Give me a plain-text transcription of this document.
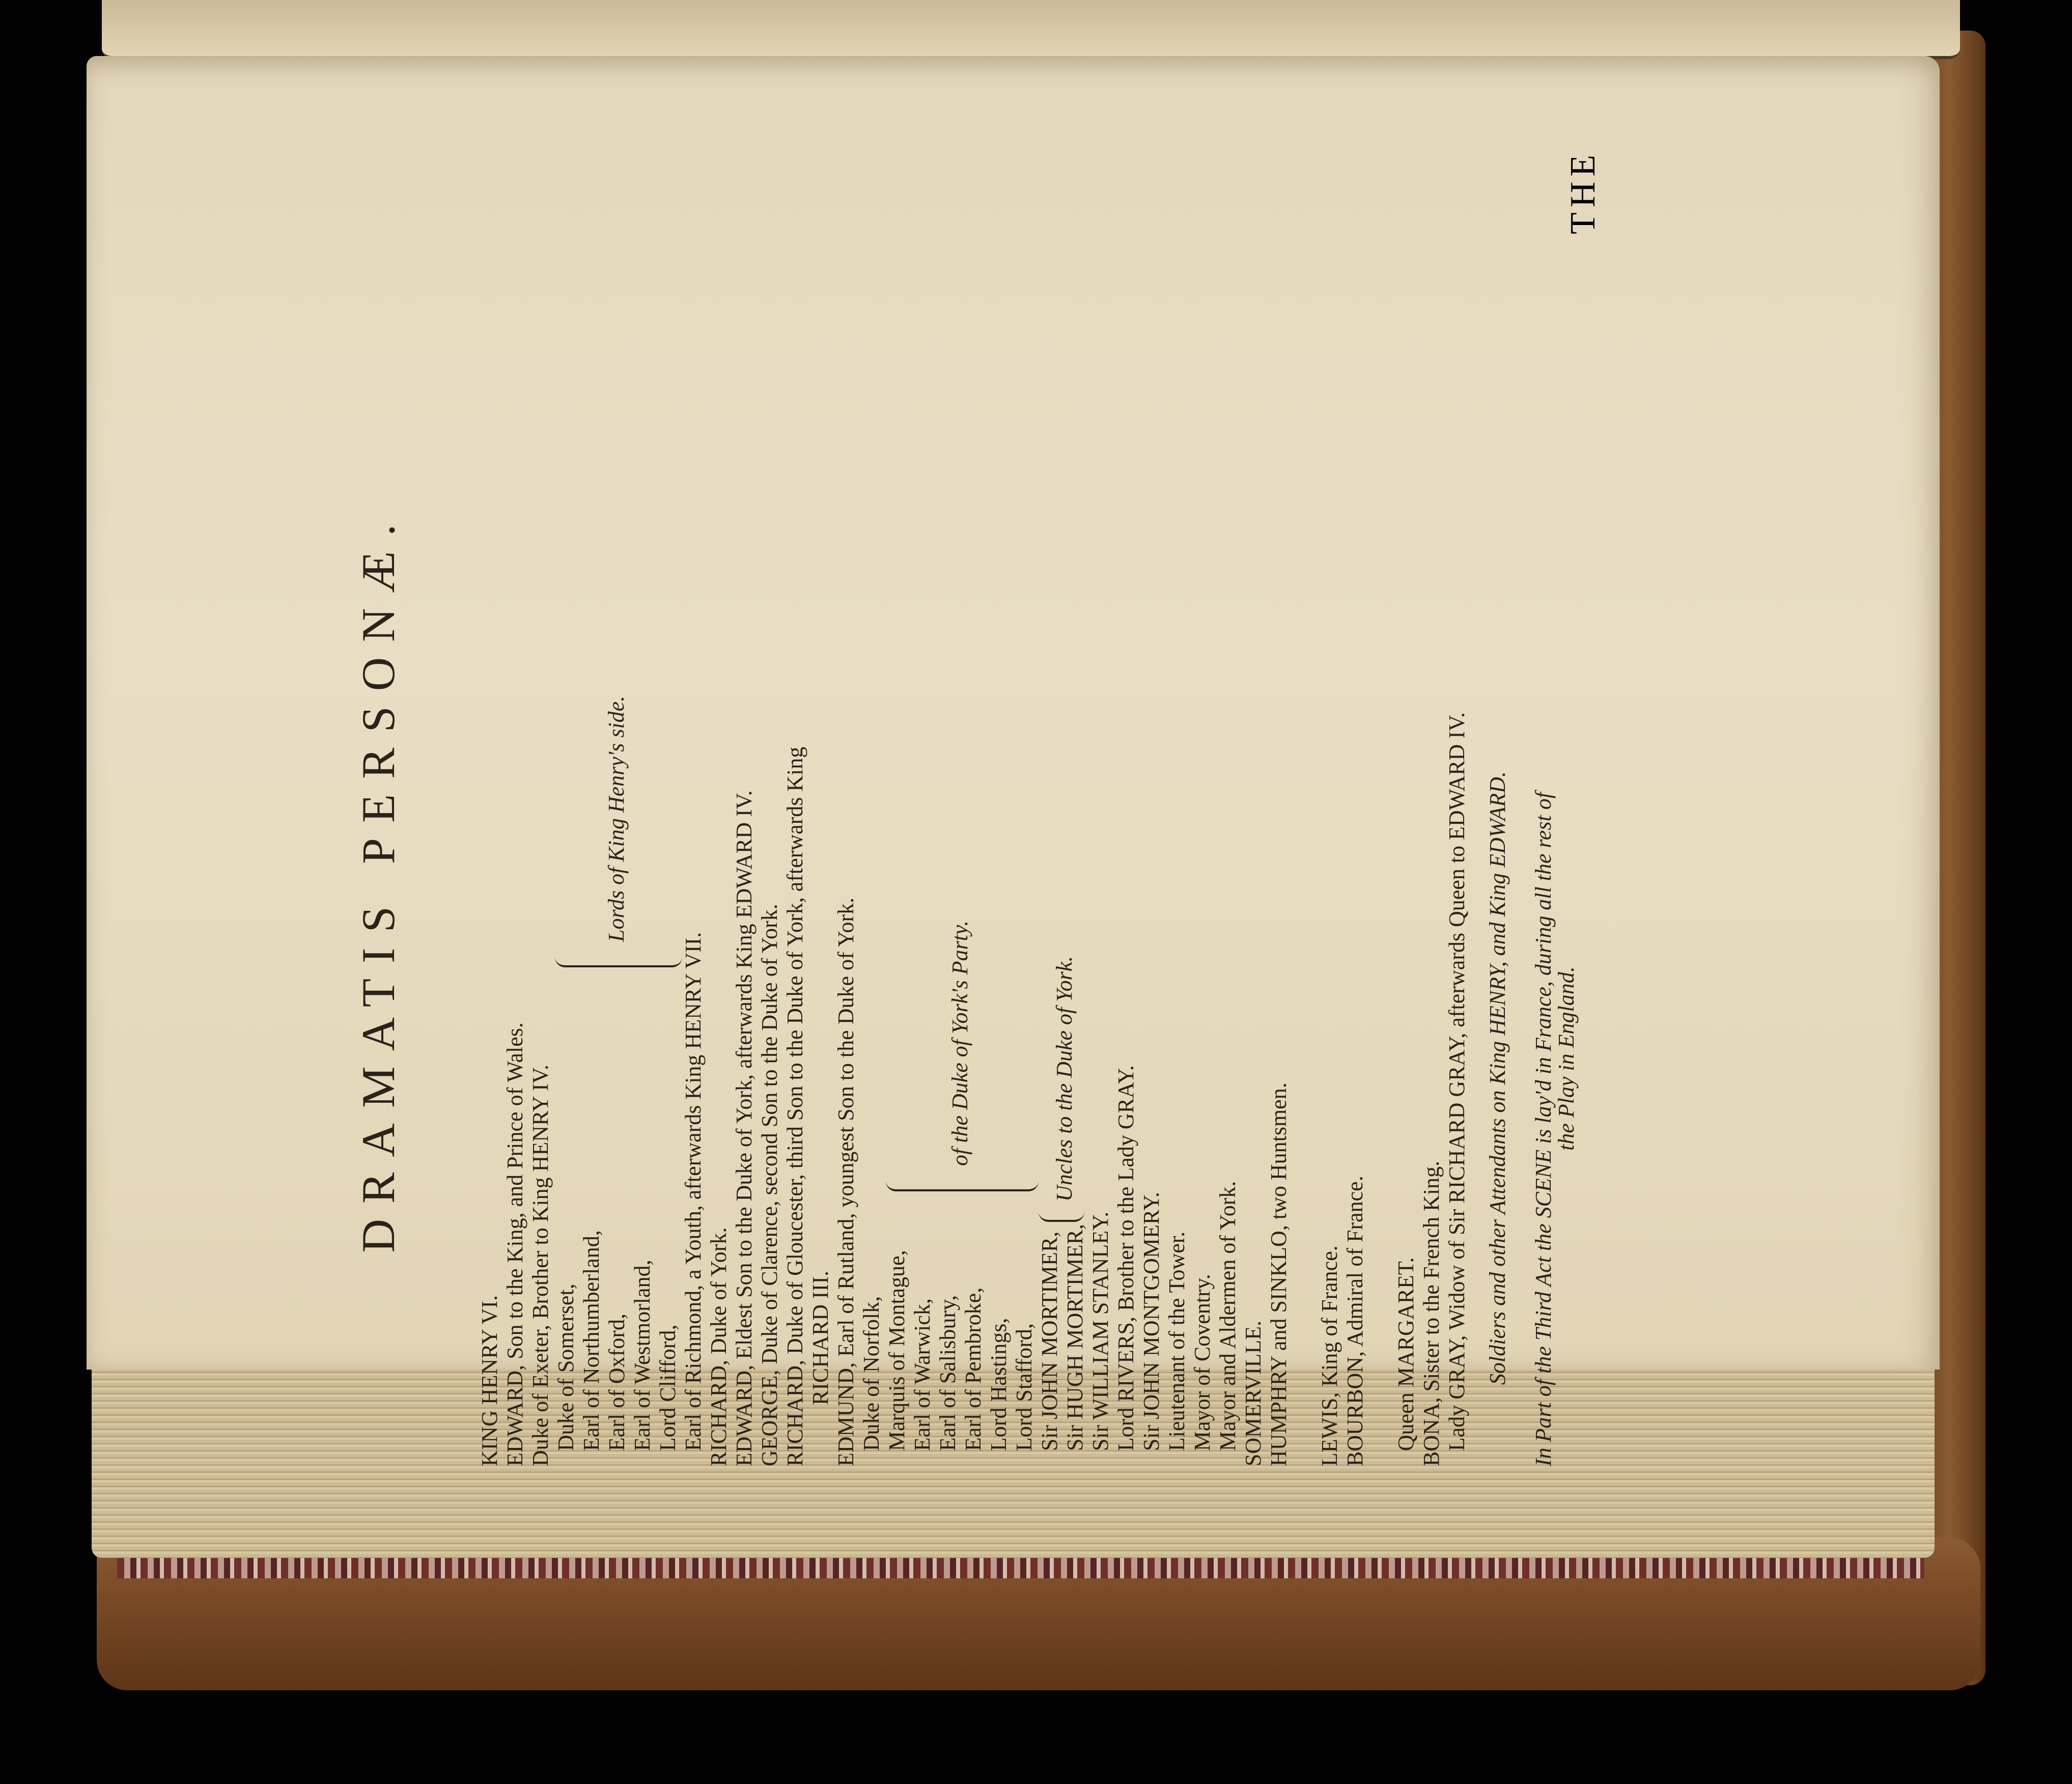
DRAMATIS PERSONÆ.
KING HENRY VI. EDWARD, Son to the King, and Prince of Wales. Duke of Exeter, Brother to King HENRY IV. Duke of Somerset, Earl of Northumberland, Earl of Oxford, Earl of Westmorland, Lord Clifford,
Lords of King Henry's side.
Earl of Richmond, a Youth, afterwards King HENRY VII. RICHARD, Duke of York. EDWARD, Eldest Son to the Duke of York, afterwards King EDWARD IV. GEORGE, Duke of Clarence, second Son to the Duke of York. RICHARD, Duke of Gloucester, third Son to the Duke of York, afterwards King RICHARD III. EDMUND, Earl of Rutland, youngest Son to the Duke of York. Duke of Norfolk, Marquis of Montague, Earl of Warwick, Earl of Salisbury, Earl of Pembroke, Lord Hastings, Lord Stafford,
of the Duke of York's Party.
Sir JOHN MORTIMER, Sir HUGH MORTIMER,
Uncles to the Duke of York.
Sir WILLIAM STANLEY. Lord RIVERS, Brother to the Lady GRAY. Sir JOHN MONTGOMERY. Lieutenant of the Tower. Mayor of Coventry. Mayor and Aldermen of York. SOMERVILLE. HUMPHRY and SINKLO, two Huntsmen. LEWIS, King of France. BOURBON, Admiral of France. Queen MARGARET. BONA, Sister to the French King. Lady GRAY, Widow of Sir RICHARD GRAY, afterwards Queen to EDWARD IV. Soldiers and other Attendants on King HENRY, and King EDWARD. In Part of the Third Act the SCENE is lay'd in France, during all the rest of
the Play in England.
THE
